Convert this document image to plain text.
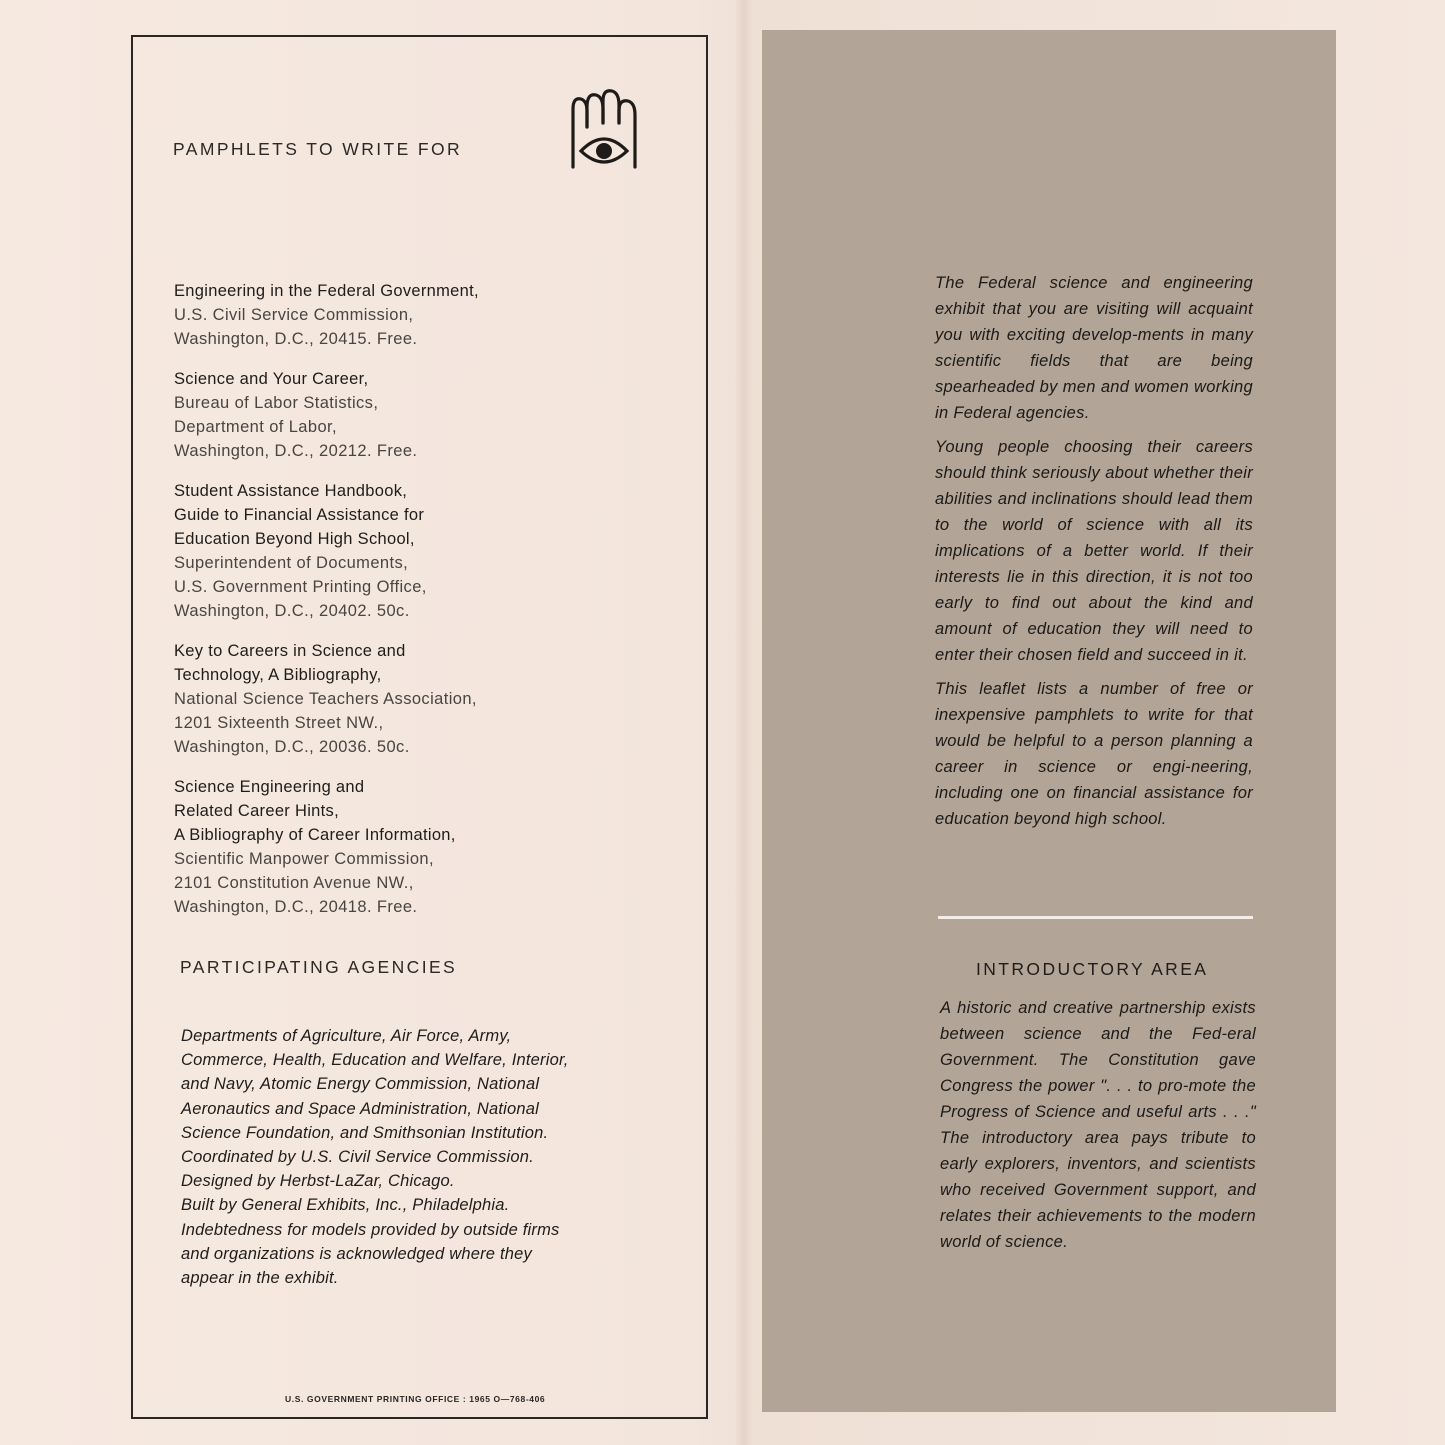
PAMPHLETS TO WRITE FOR
Engineering in the Federal Government,
U.S. Civil Service Commission,
Washington, D.C., 20415. Free.
Science and Your Career,
Bureau of Labor Statistics,
Department of Labor,
Washington, D.C., 20212. Free.
Student Assistance Handbook,
Guide to Financial Assistance for
Education Beyond High School,
Superintendent of Documents,
U.S. Government Printing Office,
Washington, D.C., 20402. 50c.
Key to Careers in Science and
Technology, A Bibliography,
National Science Teachers Association,
1201 Sixteenth Street NW.,
Washington, D.C., 20036. 50c.
Science Engineering and
Related Career Hints,
A Bibliography of Career Information,
Scientific Manpower Commission,
2101 Constitution Avenue NW.,
Washington, D.C., 20418. Free.
PARTICIPATING AGENCIES

Departments of Agriculture, Air Force, Army,

Commerce, Health, Education and Welfare, Interior,

and Navy, Atomic Energy Commission, National

Aeronautics and Space Administration, National

Science Foundation, and Smithsonian Institution.

Coordinated by U.S. Civil Service Commission.

Designed by Herbst-LaZar, Chicago.

Built by General Exhibits, Inc., Philadelphia.

Indebtedness for models provided by outside firms

and organizations is acknowledged where they

appear in the exhibit.

U.S. GOVERNMENT PRINTING OFFICE : 1965 O—768-406

The Federal science and engineering exhibit that you are visiting will acquaint you with exciting develop-ments in many scientific fields that are being spearheaded by men and women working in Federal agencies.

Young people choosing their careers should think seriously about whether their abilities and inclinations should lead them to the world of science with all its implications of a better world. If their interests lie in this direction, it is not too early to find out about the kind and amount of education they will need to enter their chosen field and succeed in it.

This leaflet lists a number of free or inexpensive pamphlets to write for that would be helpful to a person planning a career in science or engi-neering, including one on financial assistance for education beyond high school.

INTRODUCTORY AREA

A historic and creative partnership exists between science and the Fed-eral Government. The Constitution gave Congress the power ". . . to pro-mote the Progress of Science and useful arts . . ." The introductory area pays tribute to early explorers, inventors, and scientists who received Government support, and relates their achievements to the modern world of science.
